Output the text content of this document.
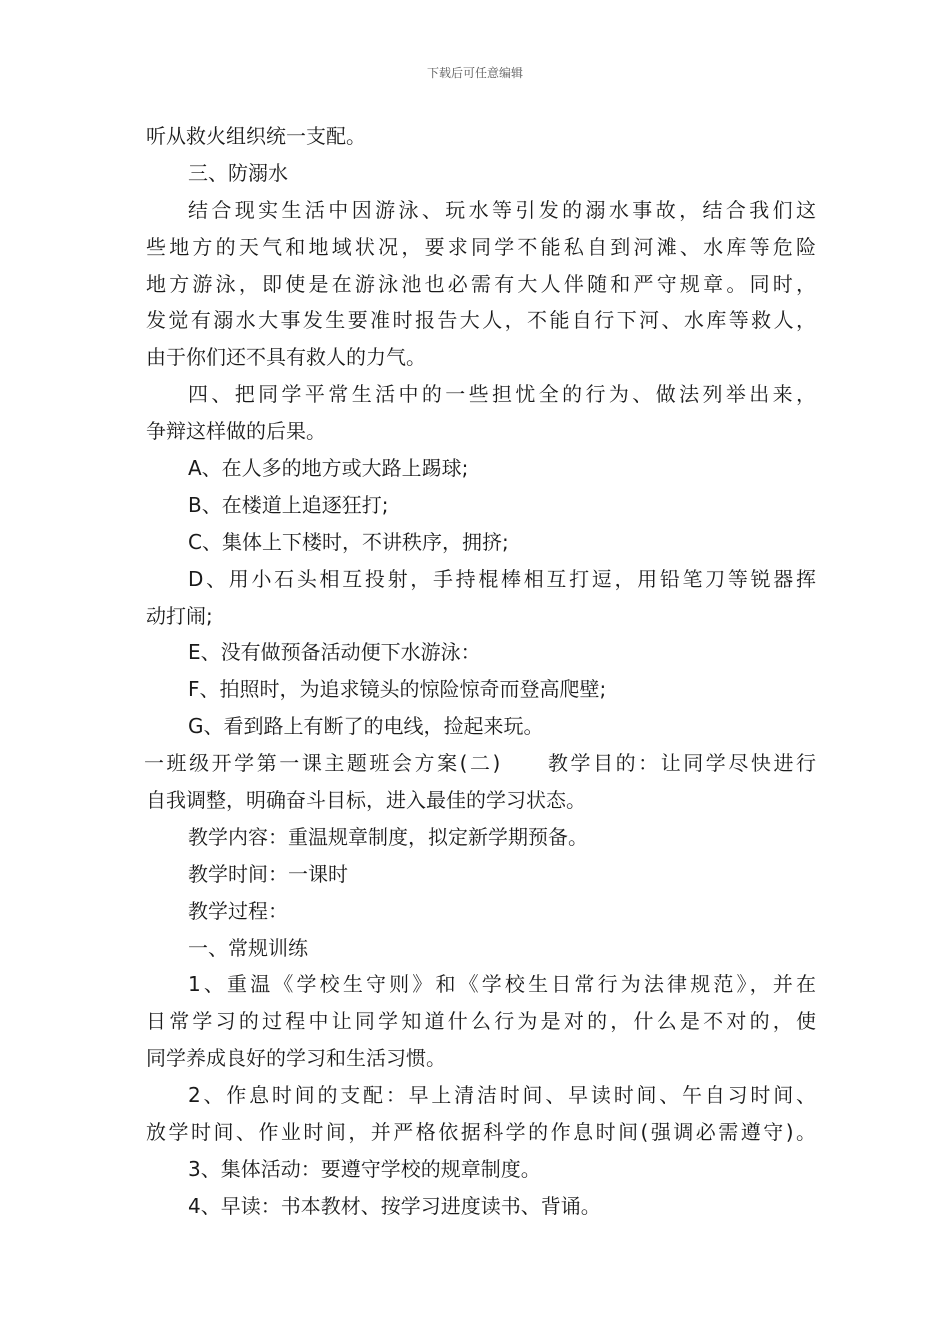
下载后可任意编辑
听从救火组织统一支配。
三、防溺水
结合现实生活中因游泳、玩水等引发的溺水事故，结合我们这
些地方的天气和地域状况，要求同学不能私自到河滩、水库等危险
地方游泳，即使是在游泳池也必需有大人伴随和严守规章。同时，
发觉有溺水大事发生要准时报告大人，不能自行下河、水库等救人，
由于你们还不具有救人的力气。
四、把同学平常生活中的一些担忧全的行为、做法列举出来，
争辩这样做的后果。
A、在人多的地方或大路上踢球;
B、在楼道上追逐狂打;
C、集体上下楼时，不讲秩序，拥挤;
D、用小石头相互投射，手持棍棒相互打逗，用铅笔刀等锐器挥
动打闹;
E、没有做预备活动便下水游泳：
F、拍照时，为追求镜头的惊险惊奇而登高爬壁;
G、看到路上有断了的电线，捡起来玩。
一班级开学第一课主题班会方案(二)　　教学目的：让同学尽快进行
自我调整，明确奋斗目标，进入最佳的学习状态。
教学内容：重温规章制度，拟定新学期预备。
教学时间：一课时
教学过程：
一、常规训练
1、重温《学校生守则》和《学校生日常行为法律规范》，并在
日常学习的过程中让同学知道什么行为是对的，什么是不对的，使
同学养成良好的学习和生活习惯。
2、作息时间的支配：早上清洁时间、早读时间、午自习时间、
放学时间、作业时间，并严格依据科学的作息时间(强调必需遵守)。
3、集体活动：要遵守学校的规章制度。
4、早读：书本教材、按学习进度读书、背诵。
